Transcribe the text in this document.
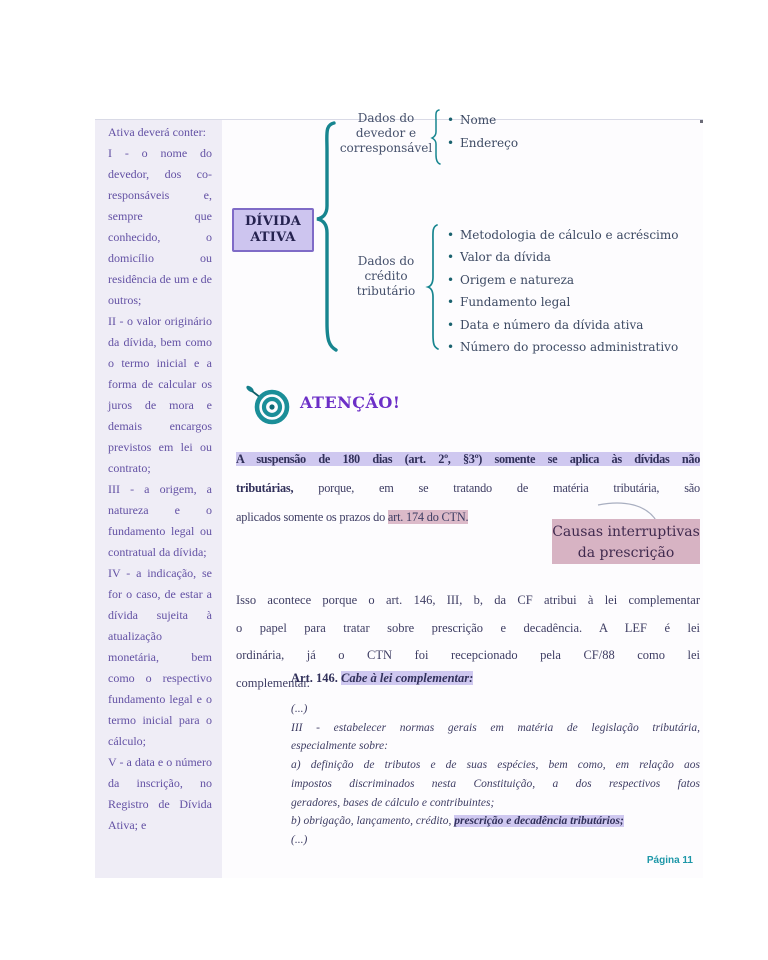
Ativa deverá conter:

I - o nome do devedor, dos co-responsáveis e, sempre que conhecido, o domicílio ou residência de um e de outros;

II - o valor originário da dívida, bem como o termo inicial e a forma de calcular os juros de mora e demais encargos previstos em lei ou contrato;

III - a origem, a natureza e o fundamento legal ou contratual da dívida;

IV - a indicação, se for o caso, de estar a dívida sujeita à atualização monetária, bem como o respectivo fundamento legal e o termo inicial para o cálculo;

V - a data e o número da inscrição, no Registro de Dívida Ativa; e

DÍVIDA ATIVA
Dados do
devedor e
corresponsável
• Nome
• Endereço
Dados do
crédito
tributário
• Metodologia de cálculo e acréscimo
• Valor da dívida
• Origem e natureza
• Fundamento legal
• Data e número da dívida ativa
• Número do processo administrativo
ATENÇÃO!
A suspensão de 180 dias (art. 2º, §3º) somente se aplica às dívidas não
tributárias, porque, em se tratando de matéria tributária, são
aplicados somente os prazos do art. 174 do CTN.
Causas interruptivas
da prescrição
Isso acontece porque o art. 146, III, b, da CF atribui à lei complementar
o papel para tratar sobre prescrição e decadência. A LEF é lei
ordinária, já o CTN foi recepcionado pela CF/88 como lei
complementar.
Art. 146. Cabe à lei complementar:
(...)
III - estabelecer normas gerais em matéria de legislação tributária,
especialmente sobre:
a) definição de tributos e de suas espécies, bem como, em relação aos
impostos discriminados nesta Constituição, a dos respectivos fatos
geradores, bases de cálculo e contribuintes;
b) obrigação, lançamento, crédito, prescrição e decadência tributários;
(...)
Página 11
